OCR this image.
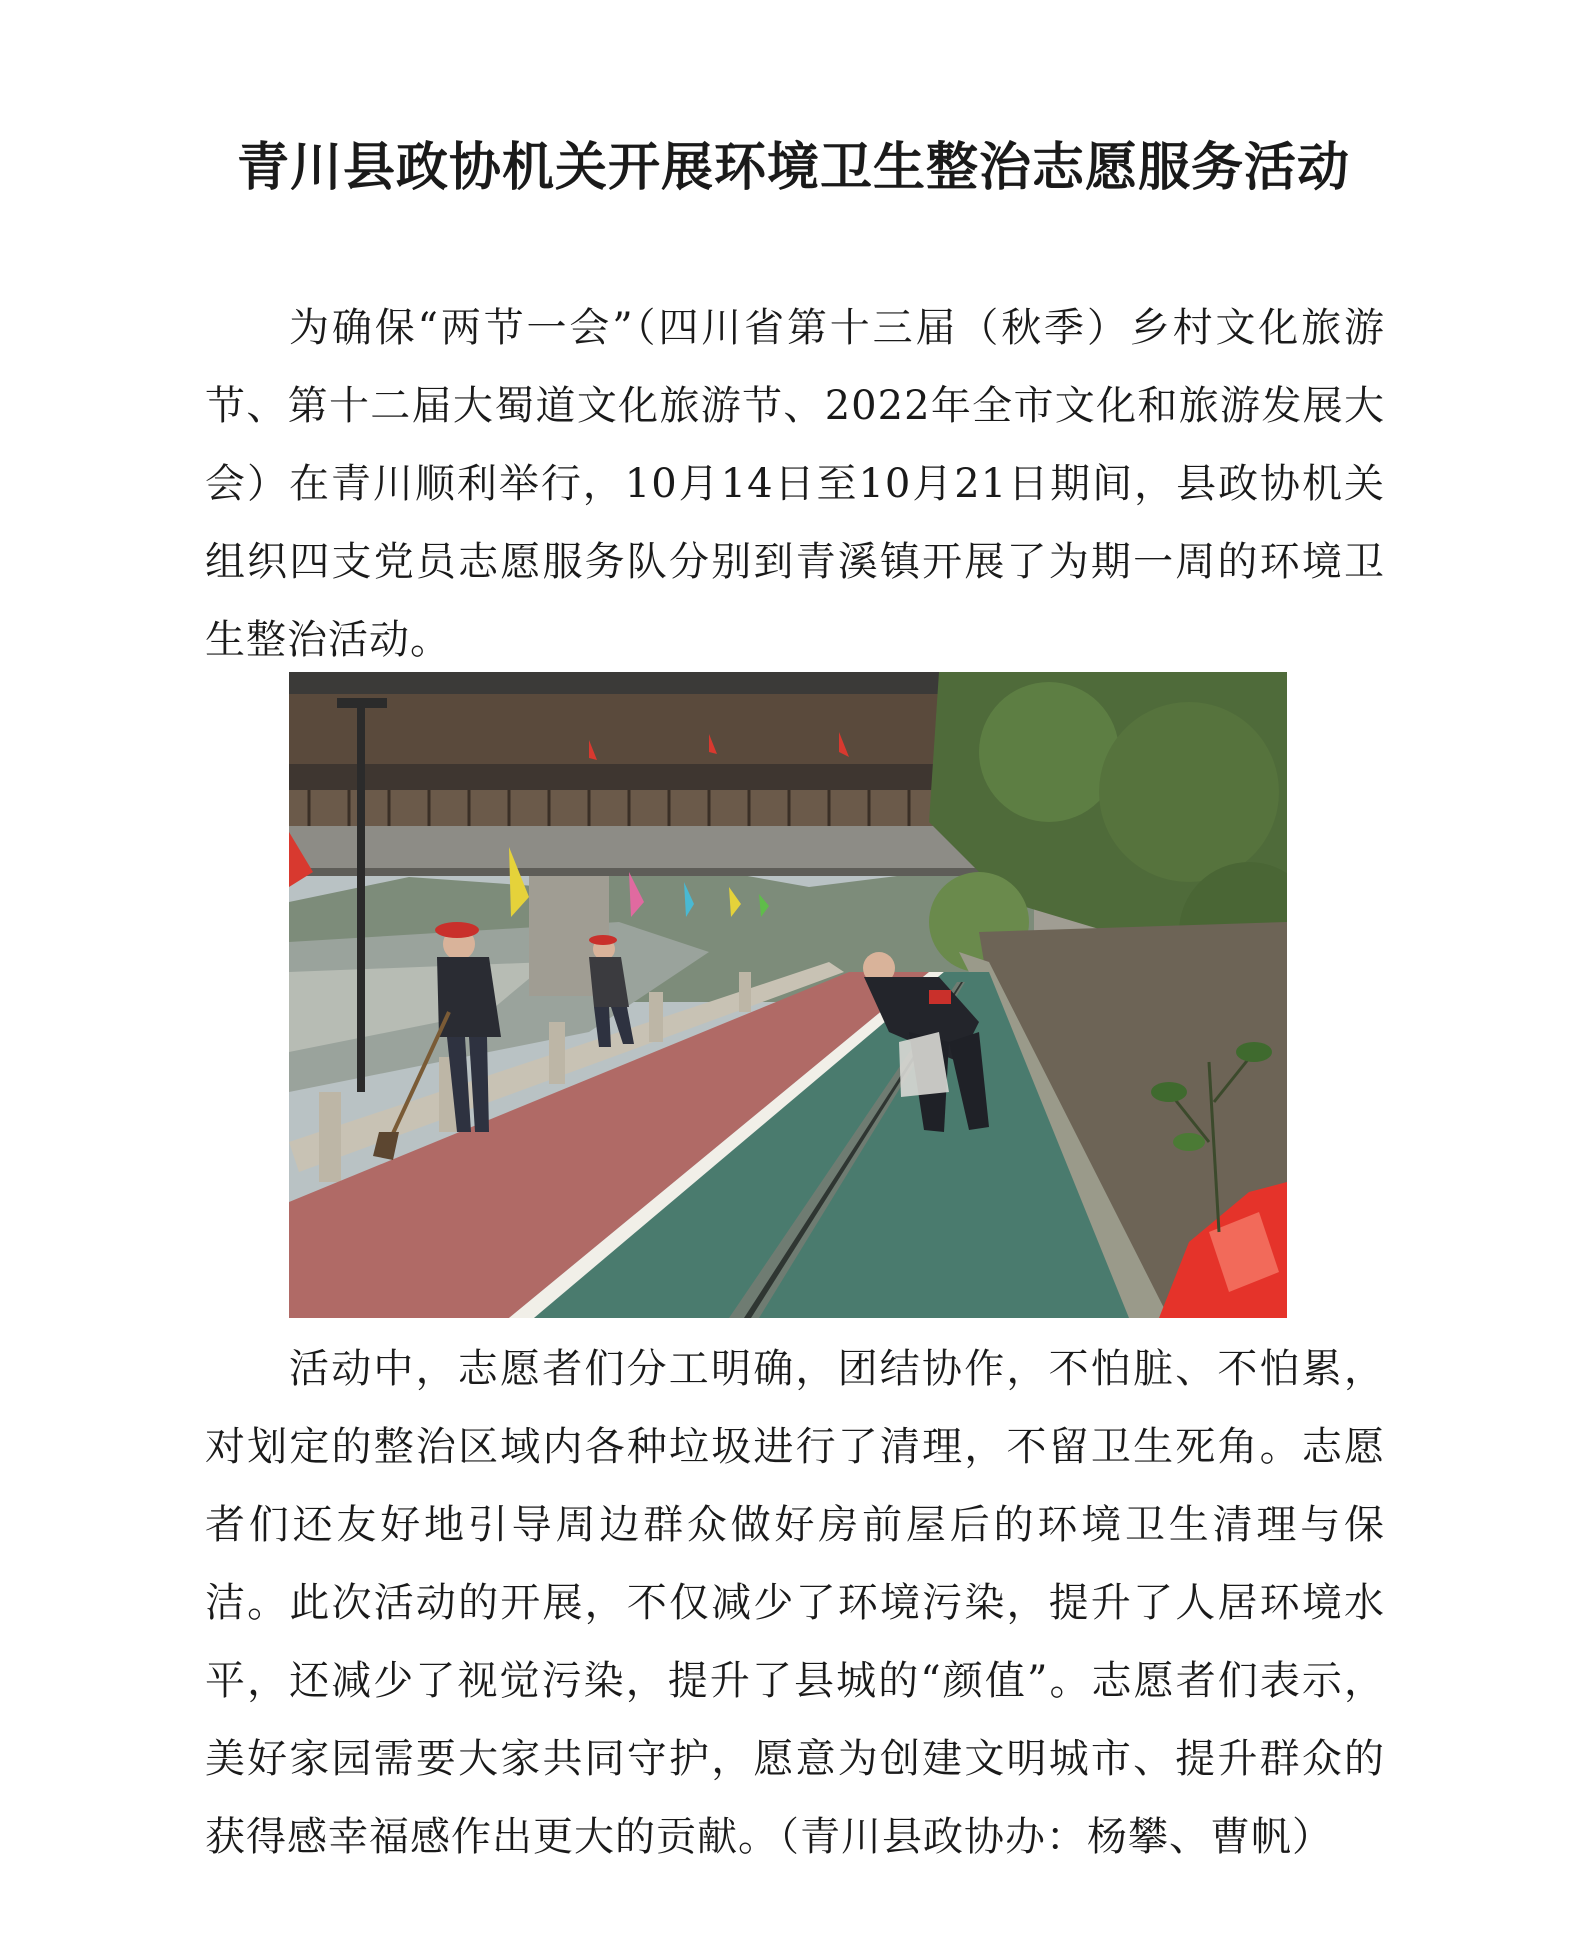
青川县政协机关开展环境卫生整治志愿服务活动

为确保“两节一会”（四川省第十三届（秋季）乡村文化旅游节、第十二届大蜀道文化旅游节、2022年全市文化和旅游发展大会）在青川顺利举行，10月14日至10月21日期间，县政协机关组织四支党员志愿服务队分别到青溪镇开展了为期一周的环境卫生整治活动。

活动中，志愿者们分工明确，团结协作，不怕脏、不怕累，对划定的整治区域内各种垃圾进行了清理，不留卫生死角。志愿者们还友好地引导周边群众做好房前屋后的环境卫生清理与保洁。此次活动的开展，不仅减少了环境污染，提升了人居环境水平，还减少了视觉污染，提升了县城的“颜值”。志愿者们表示，美好家园需要大家共同守护，愿意为创建文明城市、提升群众的获得感幸福感作出更大的贡献。（青川县政协办：杨攀、曹帆）
